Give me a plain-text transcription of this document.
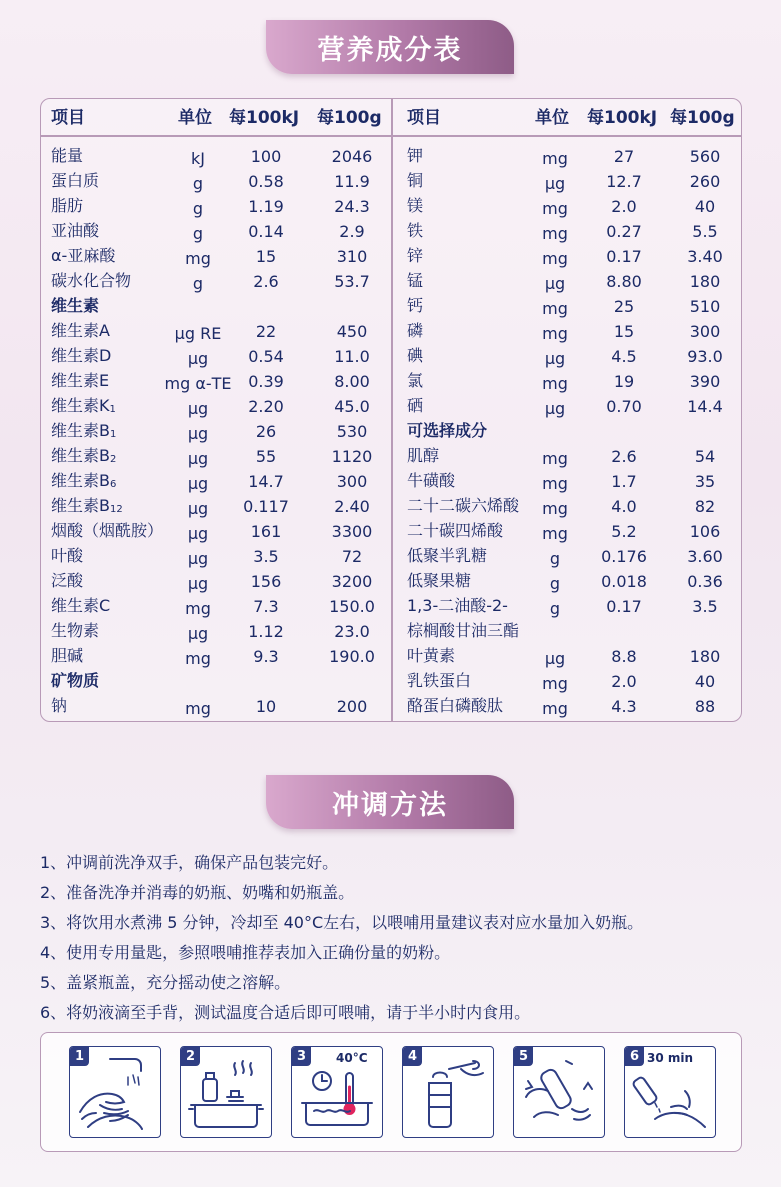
营养成分表
项目	单位 每100kJ 每100g 项目	单位 每100kJ 每100g
能量	kJ	100	2046
蛋白质	g	0.58	11.9
脂肪	g	1.19	24.3
亚油酸	g	0.14	2.9
α-亚麻酸	mg	15	310
碳水化合物	g	2.6	53.7
维生素
维生素A	μg RE 22	450
维生素D	μg	0.54	11.0
维生素E	mg α-TE 0.39	8.00
维生素K1	μg	2.20	45.0
维生素B1	μg	26	530
维生素B2	μg	55	1120
维生素B6	μg	14.7	300
维生素B12	μg 0.117	2.40
烟酸（烟酰胺） μg	161	3300
叶酸	μg	3.5	72
泛酸	μg	156	3200
维生素C	mg	7.3	150.0
生物素	μg	1.12	23.0
胆碱	mg	9.3	190.0
矿物质
钠	mg	10	200
钾	mg	27	560
铜	μg	12.7	260
镁	mg	2.0	40
铁	mg 0.27	5.5
锌	mg 0.17	3.40
锰	μg	8.80	180
钙	mg	25	510
磷	mg	15	300
碘	μg	4.5	93.0
氯	mg	19	390
硒	μg	0.70	14.4
可选择成分
肌醇	mg	2.6	54
牛磺酸	mg	1.7	35
二十二碳六烯酸 mg	4.0	82
二十碳四烯酸 mg	5.2	106
低聚半乳糖	g	0.176	3.60
低聚果糖	g	0.018	0.36
1,3-二油酸-2-	g	0.17	3.5
棕榈酸甘油三酯
叶黄素	μg	8.8	180
乳铁蛋白	mg	2.0	40
酪蛋白磷酸肽 mg	4.3	88
冲调方法
1、冲调前洗净双手，确保产品包装完好。
2、准备洗净并消毒的奶瓶、奶嘴和奶瓶盖。
3、将饮用水煮沸 5 分钟，冷却至 40°C左右，以喂哺用量建议表对应水量加入奶瓶。
4、使用专用量匙，参照喂哺推荐表加入正确份量的奶粉。
5、盖紧瓶盖，充分摇动使之溶解。
6、将奶液滴至手背，测试温度合适后即可喂哺，请于半小时内食用。
1	2	3	40°C	4	5	6 30 min
